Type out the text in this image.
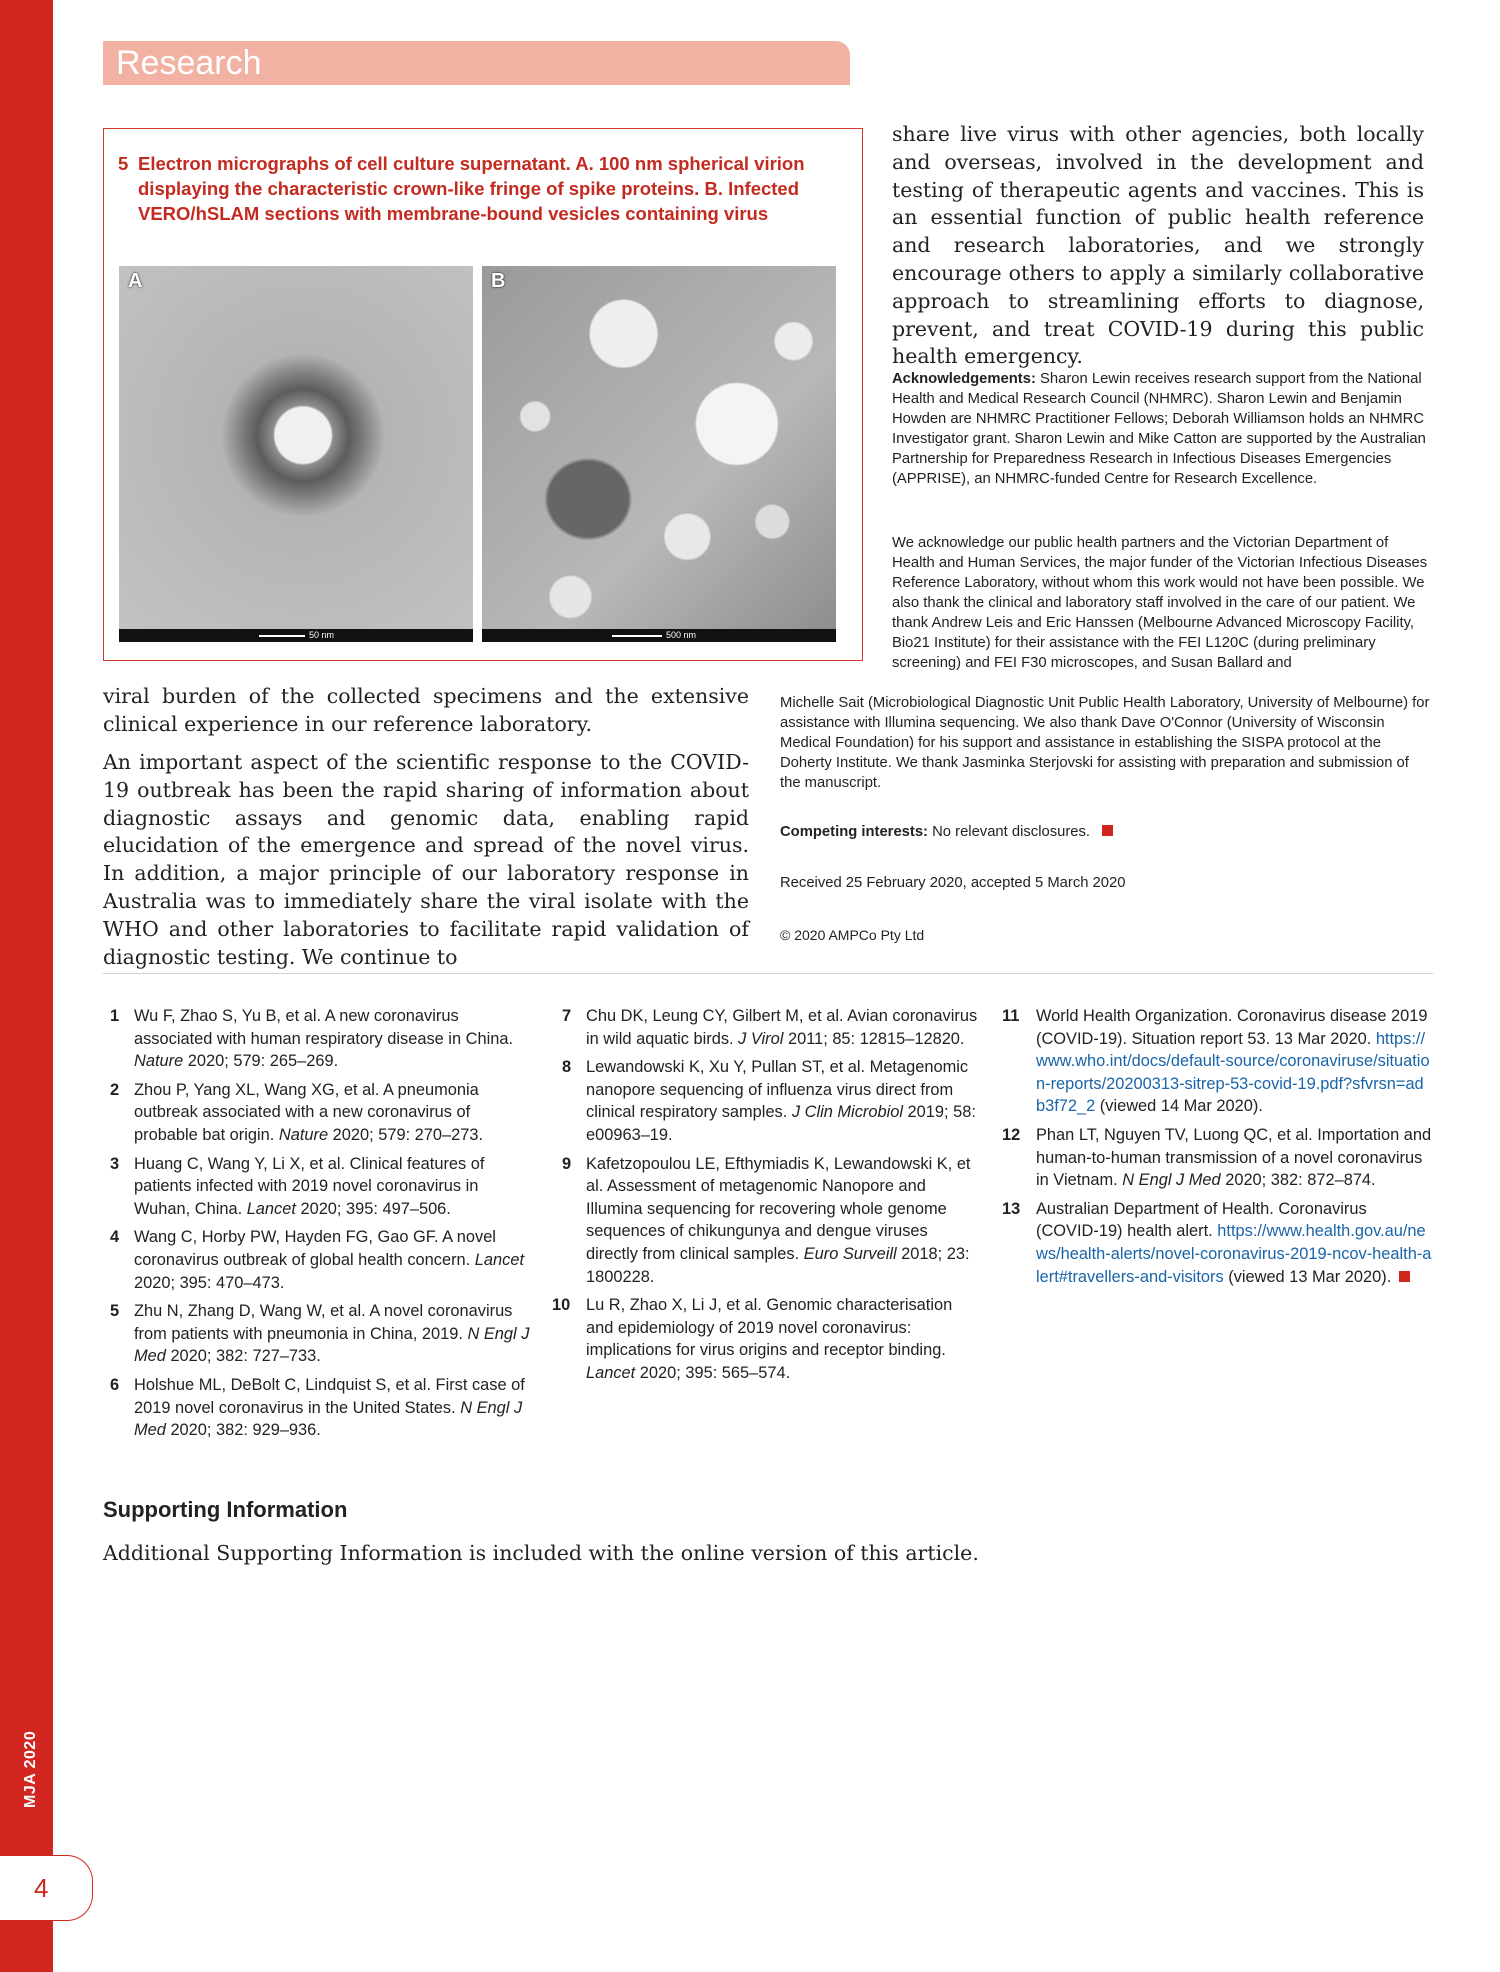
MJA 2020
4
Research
5 Electron micrographs of cell culture supernatant. A. 100 nm spherical virion displaying the characteristic crown-like fringe of spike proteins. B. Infected VERO/hSLAM sections with membrane-bound vesicles containing virus
A
50 nm
B
500 nm
share live virus with other agencies, both locally and overseas, involved in the development and testing of therapeutic agents and vaccines. This is an essential function of public health reference and research laboratories, and we strongly encourage others to apply a similarly collaborative approach to streamlining efforts to diagnose, prevent, and treat COVID-19 during this public health emergency.
Acknowledgements: Sharon Lewin receives research support from the National Health and Medical Research Council (NHMRC). Sharon Lewin and Benjamin Howden are NHMRC Practitioner Fellows; Deborah Williamson holds an NHMRC Investigator grant. Sharon Lewin and Mike Catton are supported by the Australian Partnership for Preparedness Research in Infectious Diseases Emergencies (APPRISE), an NHMRC-funded Centre for Research Excellence.
We acknowledge our public health partners and the Victorian Department of Health and Human Services, the major funder of the Victorian Infectious Diseases Reference Laboratory, without whom this work would not have been possible. We also thank the clinical and laboratory staff involved in the care of our patient. We thank Andrew Leis and Eric Hanssen (Melbourne Advanced Microscopy Facility, Bio21 Institute) for their assistance with the FEI L120C (during preliminary screening) and FEI F30 microscopes, and Susan Ballard and
Michelle Sait (Microbiological Diagnostic Unit Public Health Laboratory, University of Melbourne) for assistance with Illumina sequencing. We also thank Dave O'Connor (University of Wisconsin Medical Foundation) for his support and assistance in establishing the SISPA protocol at the Doherty Institute. We thank Jasminka Sterjovski for assisting with preparation and submission of the manuscript.
Competing interests: No relevant disclosures.
Received 25 February 2020, accepted 5 March 2020
© 2020 AMPCo Pty Ltd
viral burden of the collected specimens and the extensive clinical experience in our reference laboratory.
An important aspect of the scientific response to the COVID-19 outbreak has been the rapid sharing of information about diagnostic assays and genomic data, enabling rapid elucidation of the emergence and spread of the novel virus. In addition, a major principle of our laboratory response in Australia was to immediately share the viral isolate with the WHO and other laboratories to facilitate rapid validation of diagnostic testing. We continue to
1 Wu F, Zhao S, Yu B, et al. A new coronavirus associated with human respiratory disease in China. Nature 2020; 579: 265–269.
2 Zhou P, Yang XL, Wang XG, et al. A pneumonia outbreak associated with a new coronavirus of probable bat origin. Nature 2020; 579: 270–273.
3 Huang C, Wang Y, Li X, et al. Clinical features of patients infected with 2019 novel coronavirus in Wuhan, China. Lancet 2020; 395: 497–506.
4 Wang C, Horby PW, Hayden FG, Gao GF. A novel coronavirus outbreak of global health concern. Lancet 2020; 395: 470–473.
5 Zhu N, Zhang D, Wang W, et al. A novel coronavirus from patients with pneumonia in China, 2019. N Engl J Med 2020; 382: 727–733.
6 Holshue ML, DeBolt C, Lindquist S, et al. First case of 2019 novel coronavirus in the United States. N Engl J Med 2020; 382: 929–936.
7 Chu DK, Leung CY, Gilbert M, et al. Avian coronavirus in wild aquatic birds. J Virol 2011; 85: 12815–12820.
8 Lewandowski K, Xu Y, Pullan ST, et al. Metagenomic nanopore sequencing of influenza virus direct from clinical respiratory samples. J Clin Microbiol 2019; 58: e00963–19.
9 Kafetzopoulou LE, Efthymiadis K, Lewandowski K, et al. Assessment of metagenomic Nanopore and Illumina sequencing for recovering whole genome sequences of chikungunya and dengue viruses directly from clinical samples. Euro Surveill 2018; 23: 1800228.
10 Lu R, Zhao X, Li J, et al. Genomic characterisation and epidemiology of 2019 novel coronavirus: implications for virus origins and receptor binding. Lancet 2020; 395: 565–574.
11 World Health Organization. Coronavirus disease 2019 (COVID-19). Situation report 53. 13 Mar 2020. https://www.who.int/docs/default-source/coronaviruse/situation-reports/20200313-sitrep-53-covid-19.pdf?sfvrsn=adb3f72_2 (viewed 14 Mar 2020).
12 Phan LT, Nguyen TV, Luong QC, et al. Importation and human-to-human transmission of a novel coronavirus in Vietnam. N Engl J Med 2020; 382: 872–874.
13 Australian Department of Health. Coronavirus (COVID-19) health alert. https://www.health.gov.au/news/health-alerts/novel-coronavirus-2019-ncov-health-alert#travellers-and-visitors (viewed 13 Mar 2020).
Supporting Information
Additional Supporting Information is included with the online version of this article.
